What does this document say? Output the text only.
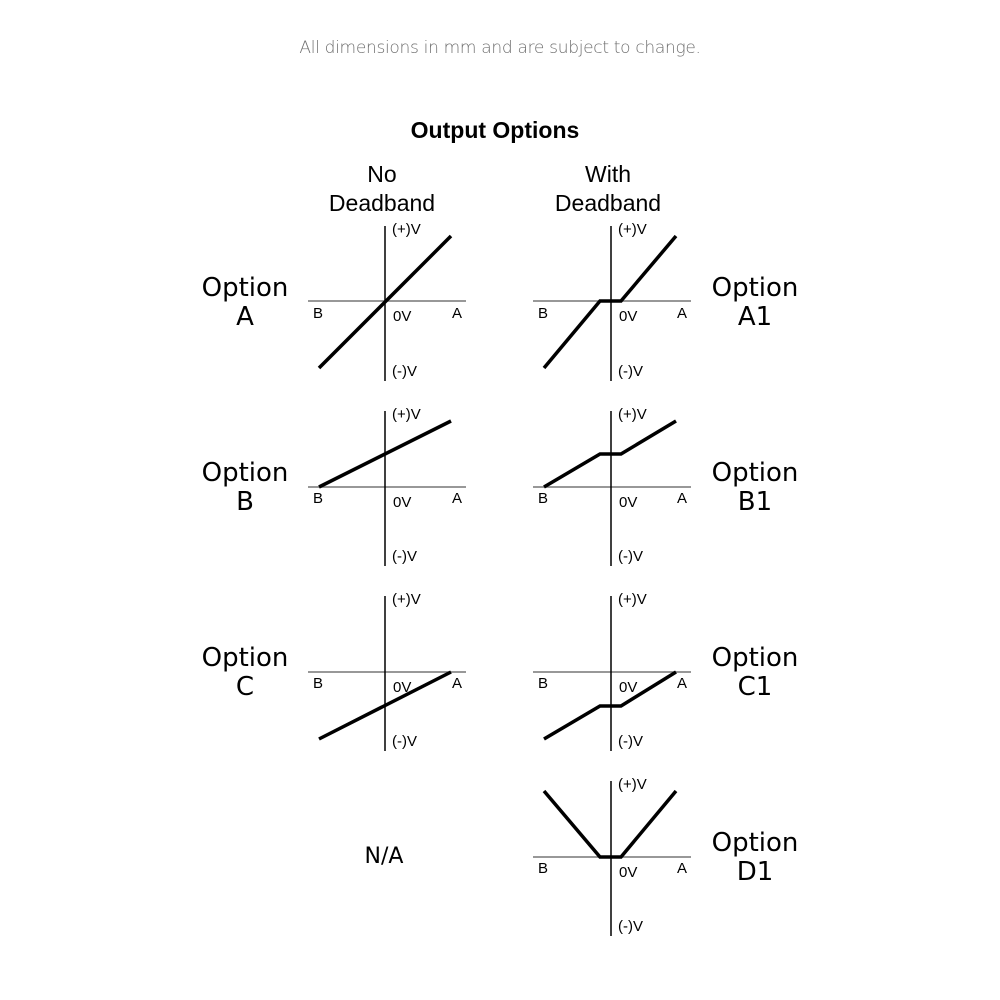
All dimensions in mm and are subject to change.
Output Options
No
Deadband
With
Deadband
Option
A
Option
B
Option
C
Option
A1
Option
B1
Option
C1
Option
D1
N/A
(+)V
(-)V
0V
B	A
(+)V
(-)V
0V
B	A
(+)V
(-)V
0V
B	A
(+)V
(-)V
0V
B	A
(+)V
(-)V
0V
B	A
(+)V
(-)V
0V
B	A
(+)V
(-)V
0V
B	A
